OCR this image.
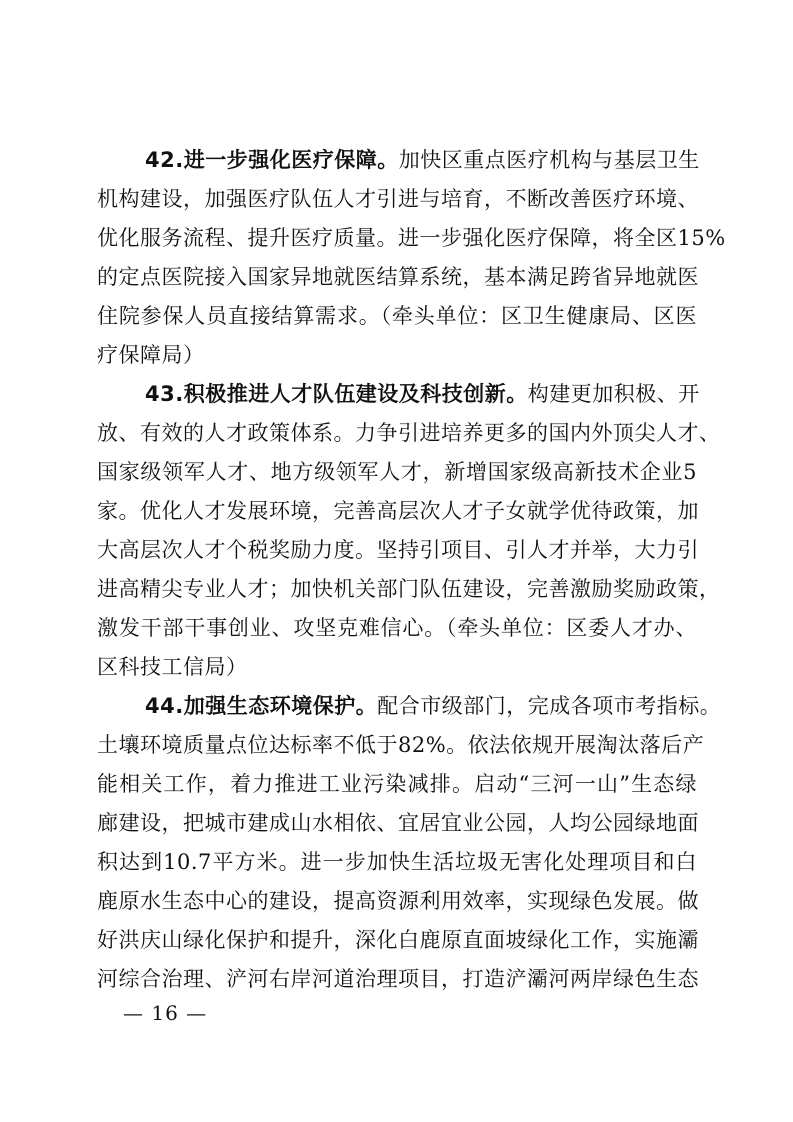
42.进一步强化医疗保障。加快区重点医疗机构与基层卫生
机构建设，加强医疗队伍人才引进与培育，不断改善医疗环境、
优化服务流程、提升医疗质量。进一步强化医疗保障，将全区15%
的定点医院接入国家异地就医结算系统，基本满足跨省异地就医
住院参保人员直接结算需求。（牵头单位：区卫生健康局、区医
疗保障局）
43.积极推进人才队伍建设及科技创新。构建更加积极、开
放、有效的人才政策体系。力争引进培养更多的国内外顶尖人才、
国家级领军人才、地方级领军人才，新增国家级高新技术企业5
家。优化人才发展环境，完善高层次人才子女就学优待政策，加
大高层次人才个税奖励力度。坚持引项目、引人才并举，大力引
进高精尖专业人才；加快机关部门队伍建设，完善激励奖励政策，
激发干部干事创业、攻坚克难信心。（牵头单位：区委人才办、
区科技工信局）
44.加强生态环境保护。配合市级部门，完成各项市考指标。
土壤环境质量点位达标率不低于82%。依法依规开展淘汰落后产
能相关工作，着力推进工业污染减排。启动“三河一山”生态绿
廊建设，把城市建成山水相依、宜居宜业公园，人均公园绿地面
积达到10.7平方米。进一步加快生活垃圾无害化处理项目和白
鹿原水生态中心的建设，提高资源利用效率，实现绿色发展。做
好洪庆山绿化保护和提升，深化白鹿原直面坡绿化工作，实施灞
河综合治理、浐河右岸河道治理项目，打造浐灞河两岸绿色生态
— 16 —
